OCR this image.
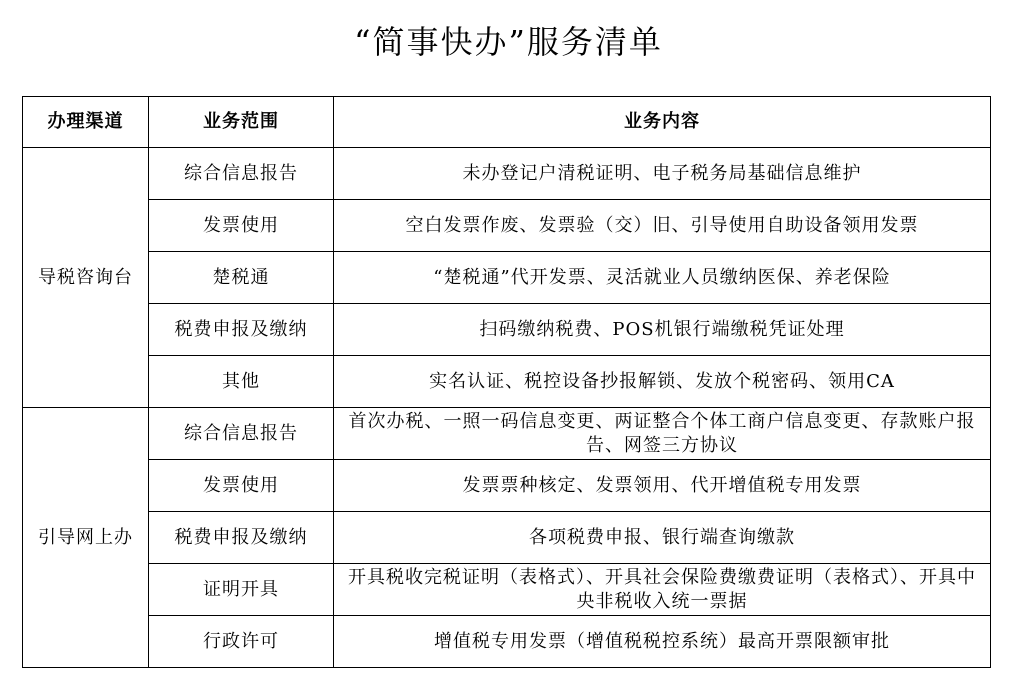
“简事快办”服务清单
办理渠道	业务范围	业务内容
导税咨询台	综合信息报告	未办登记户清税证明、电子税务局基础信息维护
	发票使用	空白发票作废、发票验（交）旧、引导使用自助设备领用发票
	楚税通	“楚税通”代开发票、灵活就业人员缴纳医保、养老保险
	税费申报及缴纳	扫码缴纳税费、POS机银行端缴税凭证处理
	其他	实名认证、税控设备抄报解锁、发放个税密码、领用CA
引导网上办	综合信息报告	首次办税、一照一码信息变更、两证整合个体工商户信息变更、存款账户报告、网签三方协议
	发票使用	发票票种核定、发票领用、代开增值税专用发票
	税费申报及缴纳	各项税费申报、银行端查询缴款
	证明开具	开具税收完税证明（表格式）、开具社会保险费缴费证明（表格式）、开具中央非税收入统一票据
	行政许可	增值税专用发票（增值税税控系统）最高开票限额审批
